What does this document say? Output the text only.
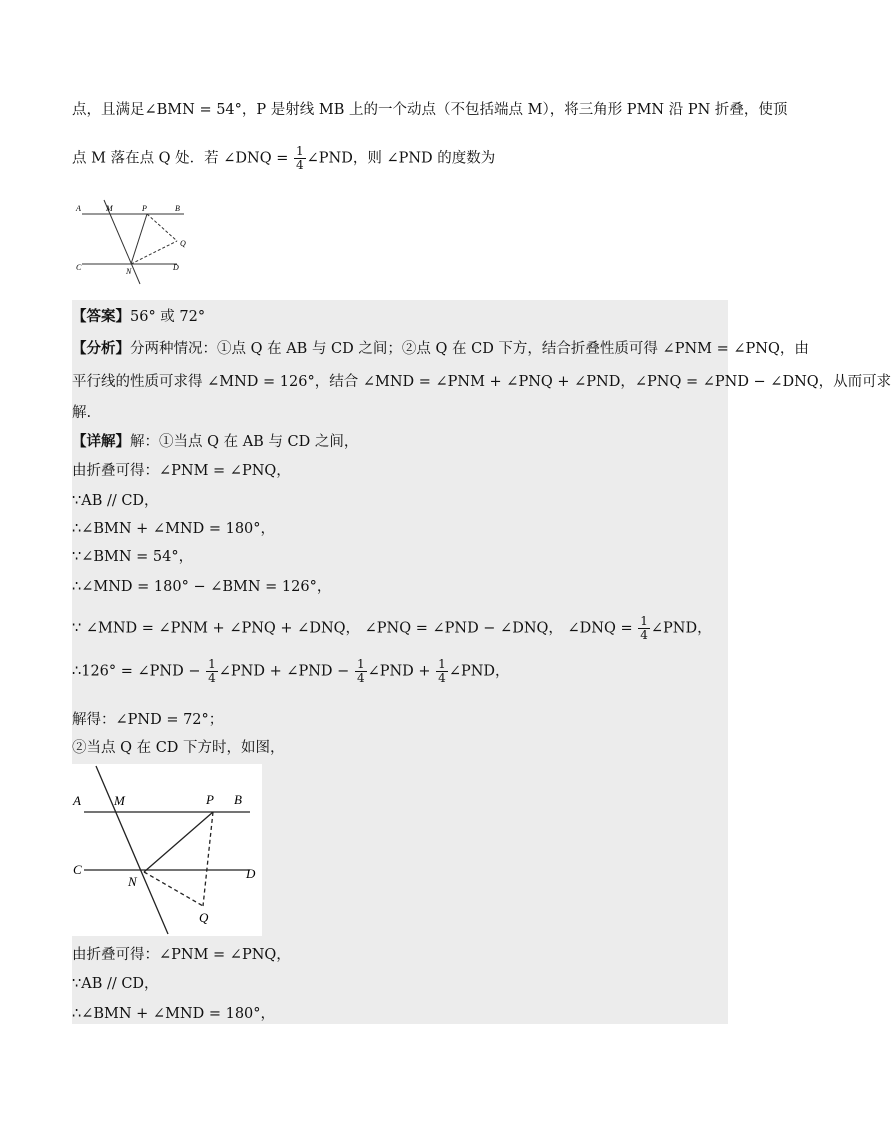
点，且满足∠BMN = 54°，P 是射线 MB 上的一个动点（不包括端点 M），将三角形 PMN 沿 PN 折叠，使顶
点 M 落在点 Q 处．若 ∠DNQ = $\frac{1}{4}$ ∠PND，则 ∠PND 的度数为
A	M	P	B
Q
C	N	D
【答案】56° 或 72°
【分析】分两种情况：①点 Q 在 AB 与 CD 之间；②点 Q 在 CD 下方，结合折叠性质可得 ∠PNM = ∠PNQ，由
平行线的性质可求得 ∠MND = 126°，结合 ∠MND = ∠PNM + ∠PNQ + ∠PND，∠PNQ = ∠PND − ∠DNQ，从而可求
解.
【详解】解：①当点 Q 在 AB 与 CD 之间，
由折叠可得：∠PNM = ∠PNQ，
∵AB // CD，
∴∠BMN + ∠MND = 180°，
∵∠BMN = 54°，
∴∠MND = 180° − ∠BMN = 126°，
∵ ∠MND = ∠PNM + ∠PNQ + ∠DNQ， ∠PNQ = ∠PND − ∠DNQ， ∠DNQ = $\frac{1}{4}$ ∠PND，
∴126° = ∠PND − $\frac{1}{4}$ ∠PND + ∠PND − $\frac{1}{4}$ ∠PND + $\frac{1}{4}$ ∠PND，
解得：∠PND = 72°；
②当点 Q 在 CD 下方时，如图，
A	M	P B
C
N
D
Q
由折叠可得：∠PNM = ∠PNQ，
∵AB // CD，
∴∠BMN + ∠MND = 180°，
